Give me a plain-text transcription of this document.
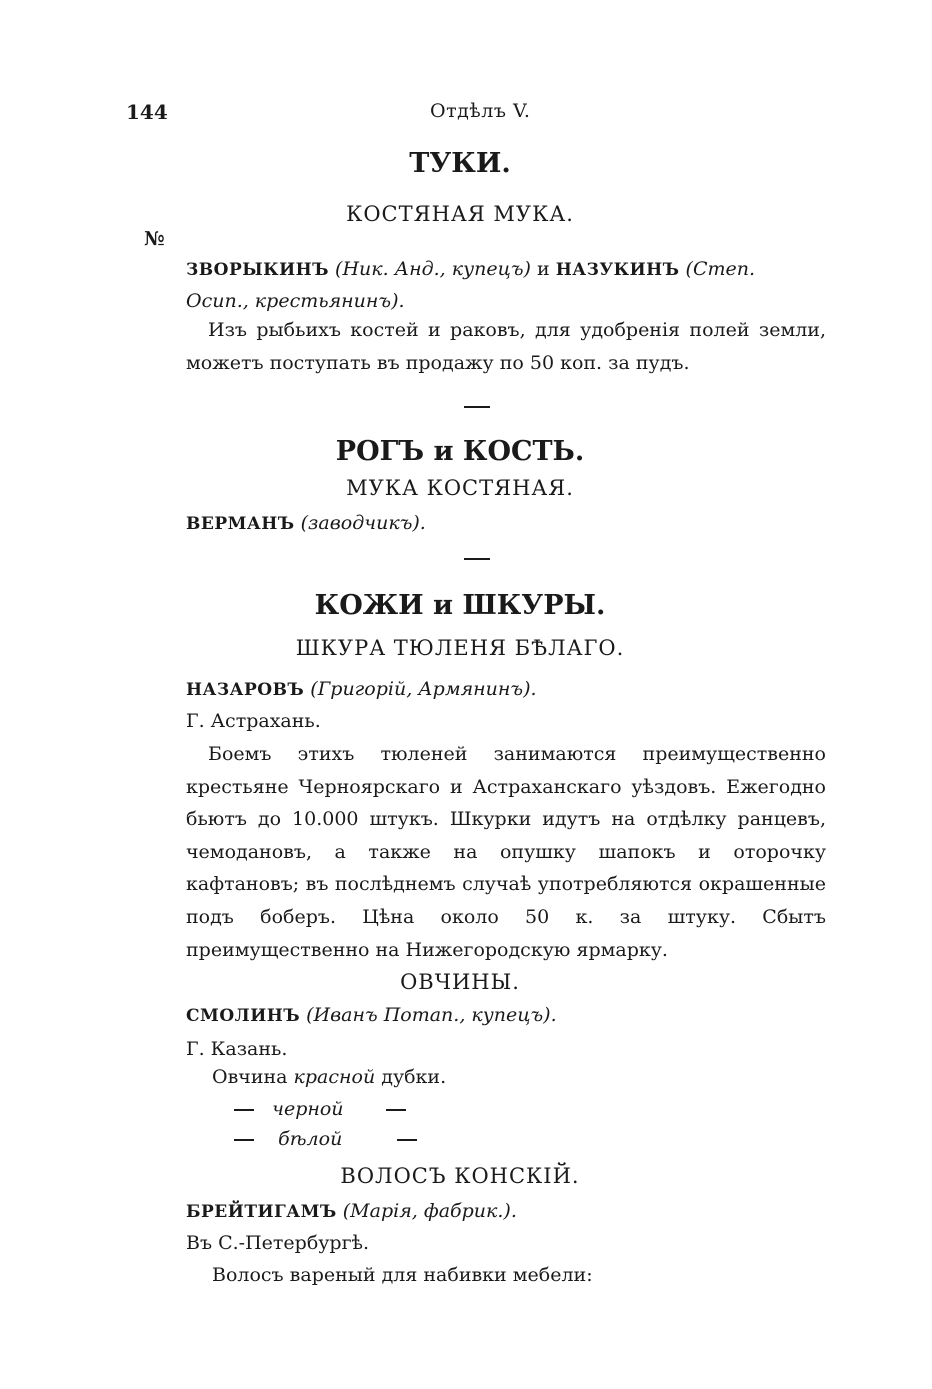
144	Отдѣлъ V.
ТУКИ.
КОСТЯНАЯ МУКА.
№
ЗВОРЫКИНЪ (Ник. Анд., купецъ) и НАЗУКИНЪ (Степ.
Осип., крестьянинъ).
Изъ рыбьихъ костей и раковъ, для удобренія полей земли, можетъ поступать въ продажу по 50 коп. за пудъ.
РОГЪ и КОСТЬ.
МУКА КОСТЯНАЯ.
ВЕРМАНЪ (заводчикъ).
КОЖИ и ШКУРЫ.
ШКУРА ТЮЛЕНЯ БѢЛАГО.
НАЗАРОВЪ (Григорій, Армянинъ).
Г. Астрахань.
Боемъ этихъ тюленей занимаются преимущественно крестьяне Черноярскаго и Астраханскаго уѣздовъ. Ежегодно бьютъ до 10.000 штукъ. Шкурки идутъ на отдѣлку ранцевъ, чемодановъ, а также на опушку шапокъ и оторочку кафтановъ; въ послѣднемъ случаѣ употребляются окрашенные подъ боберъ. Цѣна около 50 к. за штуку. Сбытъ преимущественно на Нижегородскую ярмарку.
ОВЧИНЫ.
СМОЛИНЪ (Иванъ Потап., купецъ).
Г. Казань.
Овчина красной дубки.
черной
бѣлой
ВОЛОСЪ КОНСКІЙ.
БРЕЙТИГАМЪ (Марія, фабрик.).
Въ С.-Петербургѣ.
Волосъ вареный для набивки мебели:
